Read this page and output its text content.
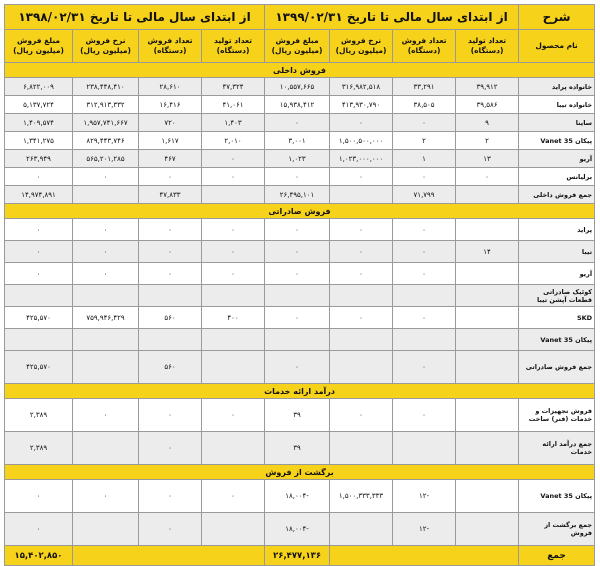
شرح	از ابتدای سال مالی تا تاریخ ۱۳۹۹/۰۲/۳۱				از ابتدای سال مالی تا تاریخ ۱۳۹۸/۰۲/۳۱			
نام محصول	تعداد تولید (دستگاه)	تعداد فروش (دستگاه)	نرخ فروش (میلیون ریال)	مبلغ فروش (میلیون ریال)	تعداد تولید (دستگاه)	تعداد فروش (دستگاه)	نرخ فروش (میلیون ریال)	مبلغ فروش (میلیون ریال)
فروش داخلی								
خانواده پراید	۳۹,۹۱۲	۳۳,۲۹۱	۳۱۶,۹۸۲,۵۱۸	۱۰,۵۵۷,۶۶۵	۴۷,۳۲۴	۲۸,۶۱۰	۲۳۸,۴۴۸,۴۱۰	۶,۸۲۲,۰۰۹
خانواده تیبا	۳۹,۵۸۶	۳۸,۵۰۵	۴۱۳,۹۳۰,۷۹۰	۱۵,۹۳۸,۴۱۲	۴۱,۰۶۱	۱۶,۴۱۶	۳۱۲,۹۱۳,۳۳۲	۵,۱۳۷,۷۲۴
ساینا	۹	۰	۰	۰	۱,۴۰۳	۷۲۰	۱,۹۵۷,۷۴۱,۶۶۷	۱,۴۰۹,۵۷۴
پیکان 35 Vanet	۲	۲	۱,۵۰۰,۵۰۰,۰۰۰	۳,۰۰۱	۲,۰۱۰	۱,۶۱۷	۸۲۹,۴۴۳,۷۴۶	۱,۳۴۱,۲۷۵
آریو	۱۳	۱	۱,۰۲۳,۰۰۰,۰۰۰	۱,۰۲۳	۰	۴۶۷	۵۶۵,۲۰۱,۲۸۵	۲۶۳,۹۴۹
برلیانس	۰	۰	۰	۰	۰	۰	۰	۰
جمع فروش داخلی		۷۱,۷۹۹		۲۶,۴۹۵,۱۰۱		۴۷,۸۳۳		۱۴,۹۷۴,۸۹۱
فروش صادراتی								
پراید		۰	۰	۰	۰	۰	۰	۰
تیبا	۱۴	۰	۰	۰	۰	۰	۰	۰
آریو		۰	۰	۰	۰	۰	۰	۰
کوئیک صادراتی قطعات آپشن تیبا								
SKD		۰	۰	۰	۴۰۰	۵۶۰	۷۵۹,۹۴۶,۴۲۹	۴۲۵,۵۷۰
پیکان 35 Vanet								
جمع فروش صادراتی		۰		۰		۵۶۰		۴۲۵,۵۷۰
درآمد ارائه خدمات								
فروش تجهیزات و خدمات (فنر) ساخت		۰	۰	۳۹	۰	۰	۰	۲,۳۸۹
جمع درآمد ارائه خدمات				۳۹		۰		۲,۳۸۹
برگشت از فروش								
پیکان 35 Vanet		-۱۲	۱,۵۰۰,۳۳۳,۳۳۳	-۱۸,۰۰۴	۰	۰	۰	۰
جمع برگشت از فروش		-۱۲		-۱۸,۰۰۴		۰		۰
جمع				۲۶,۴۷۷,۱۳۶				۱۵,۴۰۲,۸۵۰
